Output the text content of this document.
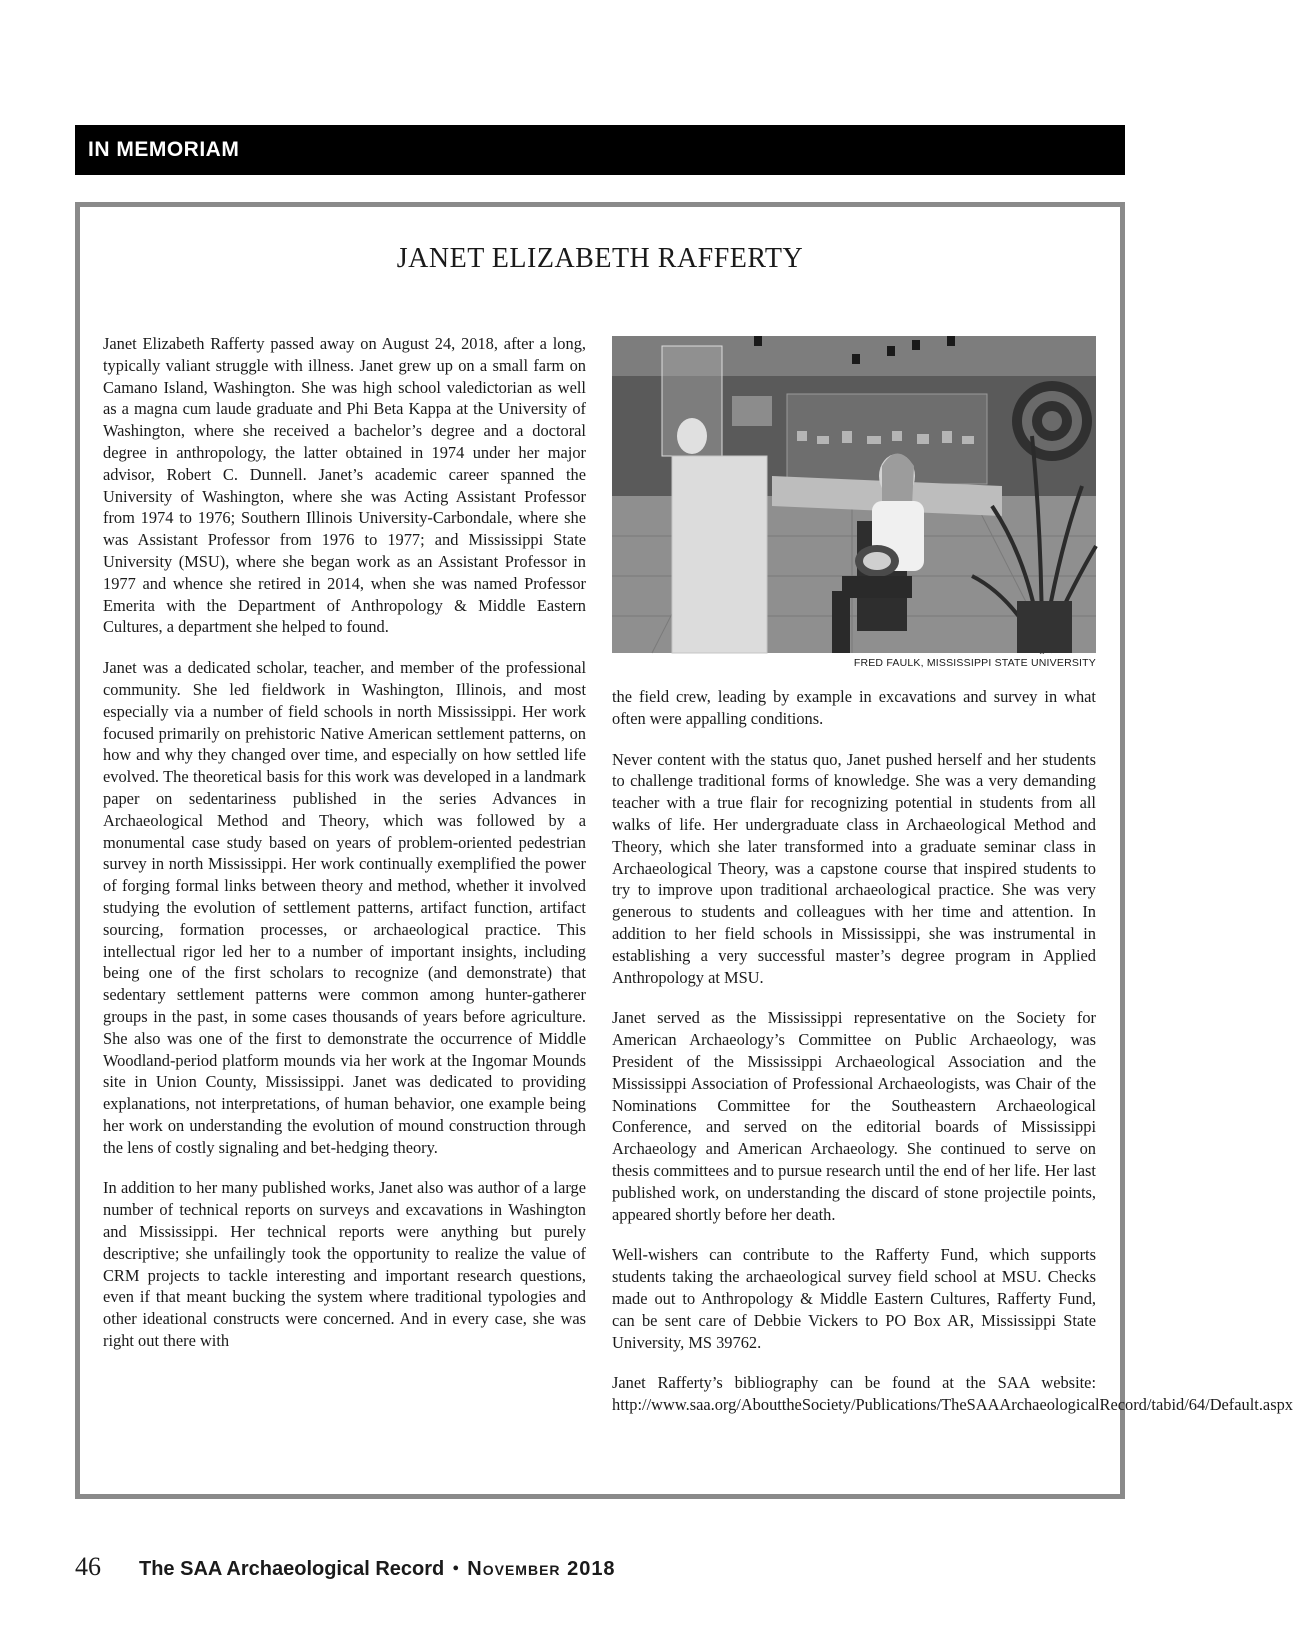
IN MEMORIAM
JANET ELIZABETH RAFFERTY

Janet Elizabeth Rafferty passed away on August 24, 2018, after a long, typically valiant struggle with illness. Janet grew up on a small farm on Camano Island, Washington. She was high school valedictorian as well as a magna cum laude graduate and Phi Beta Kappa at the University of Washington, where she received a bachelor’s degree and a doctoral degree in anthropology, the latter obtained in 1974 under her major advisor, Robert C. Dunnell. Janet’s academic career spanned the University of Washington, where she was Acting Assistant Professor from 1974 to 1976; Southern Illinois University-Carbondale, where she was Assistant Professor from 1976 to 1977; and Mississippi State University (MSU), where she began work as an Assistant Professor in 1977 and whence she retired in 2014, when she was named Professor Emerita with the Department of Anthropology & Middle Eastern Cultures, a department she helped to found.

Janet was a dedicated scholar, teacher, and member of the professional community. She led fieldwork in Washington, Illinois, and most especially via a number of field schools in north Mississippi. Her work focused primarily on prehistoric Native American settlement patterns, on how and why they changed over time, and especially on how settled life evolved. The theoretical basis for this work was developed in a landmark paper on sedentariness published in the series Advances in Archaeological Method and Theory, which was followed by a monumental case study based on years of problem-oriented pedestrian survey in north Mississippi. Her work continually exemplified the power of forging formal links between theory and method, whether it involved studying the evolution of settlement patterns, artifact function, artifact sourcing, formation processes, or archaeological practice. This intellectual rigor led her to a number of important insights, including being one of the first scholars to recognize (and demonstrate) that sedentary settlement patterns were common among hunter-gatherer groups in the past, in some cases thousands of years before agriculture. She also was one of the first to demonstrate the occurrence of Middle Woodland-period platform mounds via her work at the Ingomar Mounds site in Union County, Mississippi. Janet was dedicated to providing explanations, not interpretations, of human behavior, one example being her work on understanding the evolution of mound construction through the lens of costly signaling and bet-hedging theory.

In addition to her many published works, Janet also was author of a large number of technical reports on surveys and excavations in Washington and Mississippi. Her technical reports were anything but purely descriptive; she unfailingly took the opportunity to realize the value of CRM projects to tackle interesting and important research questions, even if that meant bucking the system where traditional typologies and other ideational constructs were concerned. And in every case, she was right out there with

FRED FAULK, MISSISSIPPI STATE UNIVERSITY

the field crew, leading by example in excavations and survey in what often were appalling conditions.

Never content with the status quo, Janet pushed herself and her students to challenge traditional forms of knowledge. She was a very demanding teacher with a true flair for recognizing potential in students from all walks of life. Her undergraduate class in Archaeological Method and Theory, which she later transformed into a graduate seminar class in Archaeological Theory, was a capstone course that inspired students to try to improve upon traditional archaeological practice. She was very generous to students and colleagues with her time and attention. In addition to her field schools in Mississippi, she was instrumental in establishing a very successful master’s degree program in Applied Anthropology at MSU.

Janet served as the Mississippi representative on the Society for American Archaeology’s Committee on Public Archaeology, was President of the Mississippi Archaeological Association and the Mississippi Association of Professional Archaeologists, was Chair of the Nominations Committee for the Southeastern Archaeological Conference, and served on the editorial boards of Mississippi Archaeology and American Archaeology. She continued to serve on thesis committees and to pursue research until the end of her life. Her last published work, on understanding the discard of stone projectile points, appeared shortly before her death.

Well-wishers can contribute to the Rafferty Fund, which supports students taking the archaeological survey field school at MSU. Checks made out to Anthropology & Middle Eastern Cultures, Rafferty Fund, can be sent care of Debbie Vickers to PO Box AR, Mississippi State University, MS 39762.

Janet Rafferty’s bibliography can be found at the SAA website: http://www.saa.org/AbouttheSociety/Publications/TheSAAArchaeologicalRecord/tabid/64/Default.aspx

46 The SAA Archaeological Record • November 2018
